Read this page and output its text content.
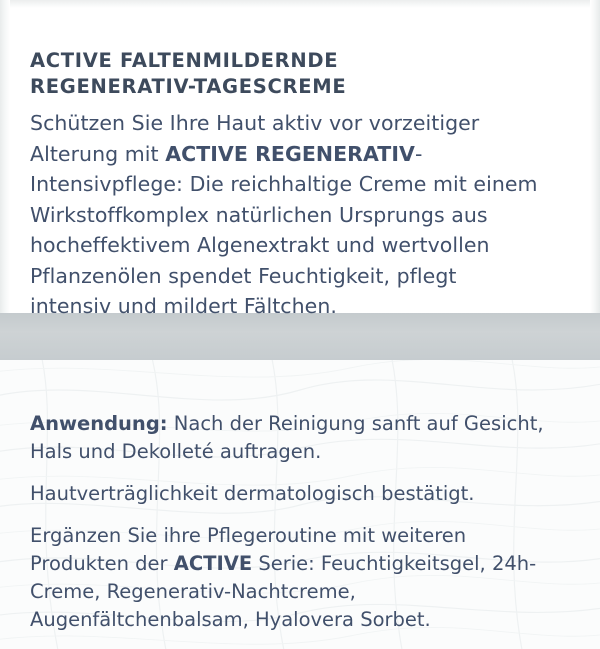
ACTIVE FALTENMILDERNDE
REGENERATIV-TAGESCREME
Schützen Sie Ihre Haut aktiv vor vorzeitiger Alterung mit ACTIVE REGENERATIV-Intensivpflege: Die reichhaltige Creme mit einem Wirkstoffkomplex natürlichen Ursprungs aus hocheffektivem Algenextrakt und wertvollen Pflanzenölen spendet Feuchtigkeit, pflegt intensiv und mildert Fältchen.

Anwendung: Nach der Reinigung sanft auf Gesicht, Hals und Dekolleté auftragen.

Hautverträglichkeit dermatologisch bestätigt.

Ergänzen Sie ihre Pflegeroutine mit weiteren Produkten der ACTIVE Serie: Feuchtigkeitsgel, 24h-Creme, Regenerativ-Nachtcreme, Augenfältchenbalsam, Hyalovera Sorbet.
